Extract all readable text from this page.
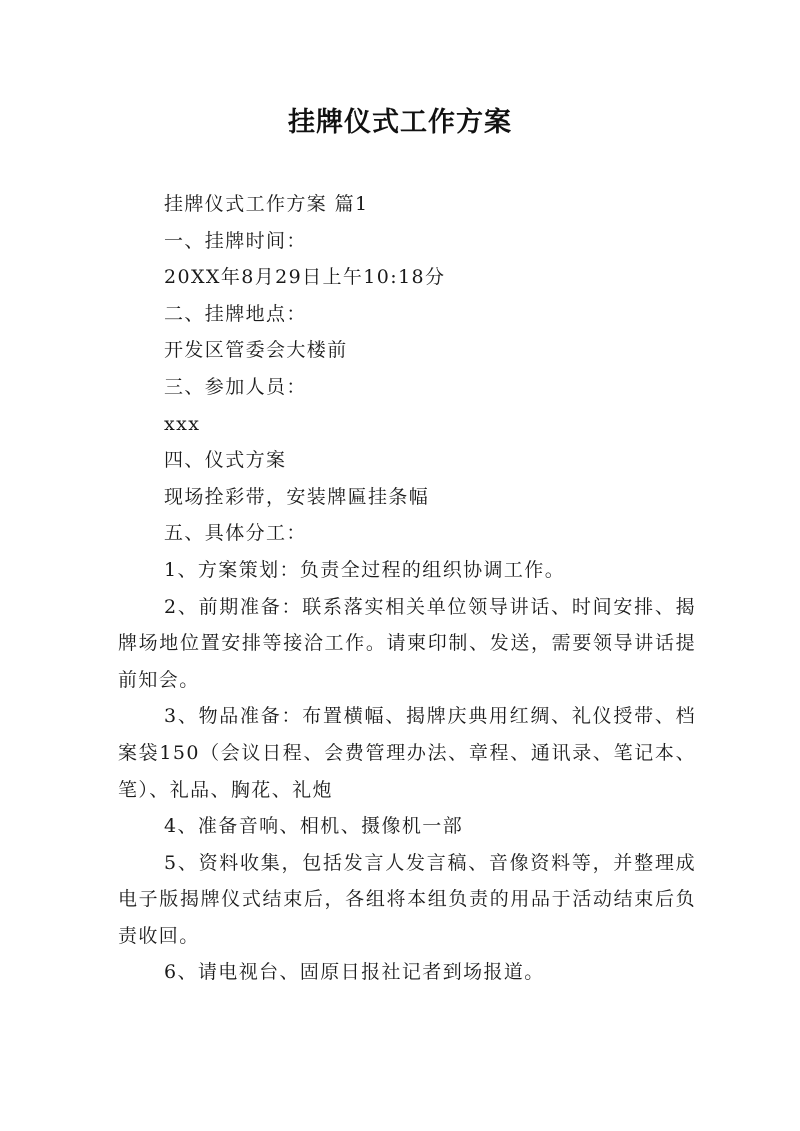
挂牌仪式工作方案
挂牌仪式工作方案 篇1
一、挂牌时间：
20XX年8月29日上午10:18分
二、挂牌地点：
开发区管委会大楼前
三、参加人员：
xxx
四、仪式方案
现场拴彩带，安装牌匾挂条幅
五、具体分工：
1、方案策划：负责全过程的组织协调工作。
2、前期准备：联系落实相关单位领导讲话、时间安排、揭牌场地位置安排等接洽工作。请柬印制、发送，需要领导讲话提前知会。
3、物品准备：布置横幅、揭牌庆典用红绸、礼仪授带、档案袋150（会议日程、会费管理办法、章程、通讯录、笔记本、笔）、礼品、胸花、礼炮
4、准备音响、相机、摄像机一部
5、资料收集，包括发言人发言稿、音像资料等，并整理成电子版揭牌仪式结束后，各组将本组负责的用品于活动结束后负责收回。
6、请电视台、固原日报社记者到场报道。
